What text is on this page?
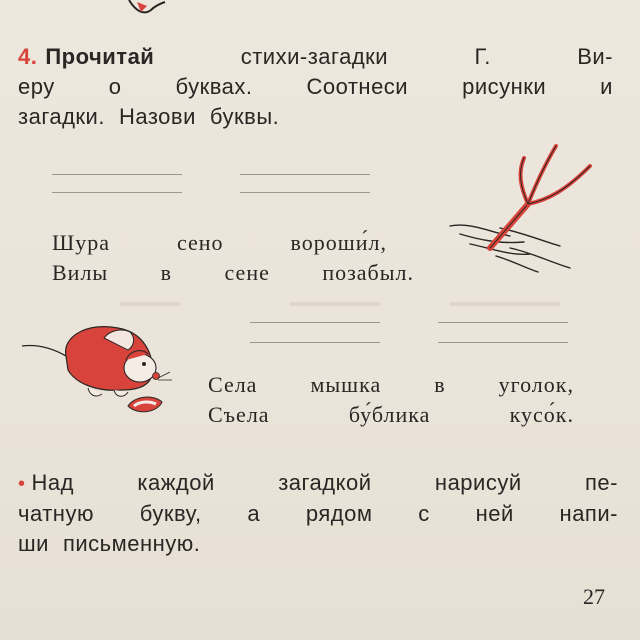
4. Прочитай	стихи-загадки	Г.	Ви-
еру о буквах. Соотнеси рисунки и
загадки. Назови буквы.
Шура	сено	вороши́л,
Вилы в сене позабыл.
Села мышка в уголок,
Съела	бу́блика	кусо́к.
• Над	каждой	загадкой	нарисуй	пе-
чатную букву, а рядом с ней напи-
ши письменную.
27
